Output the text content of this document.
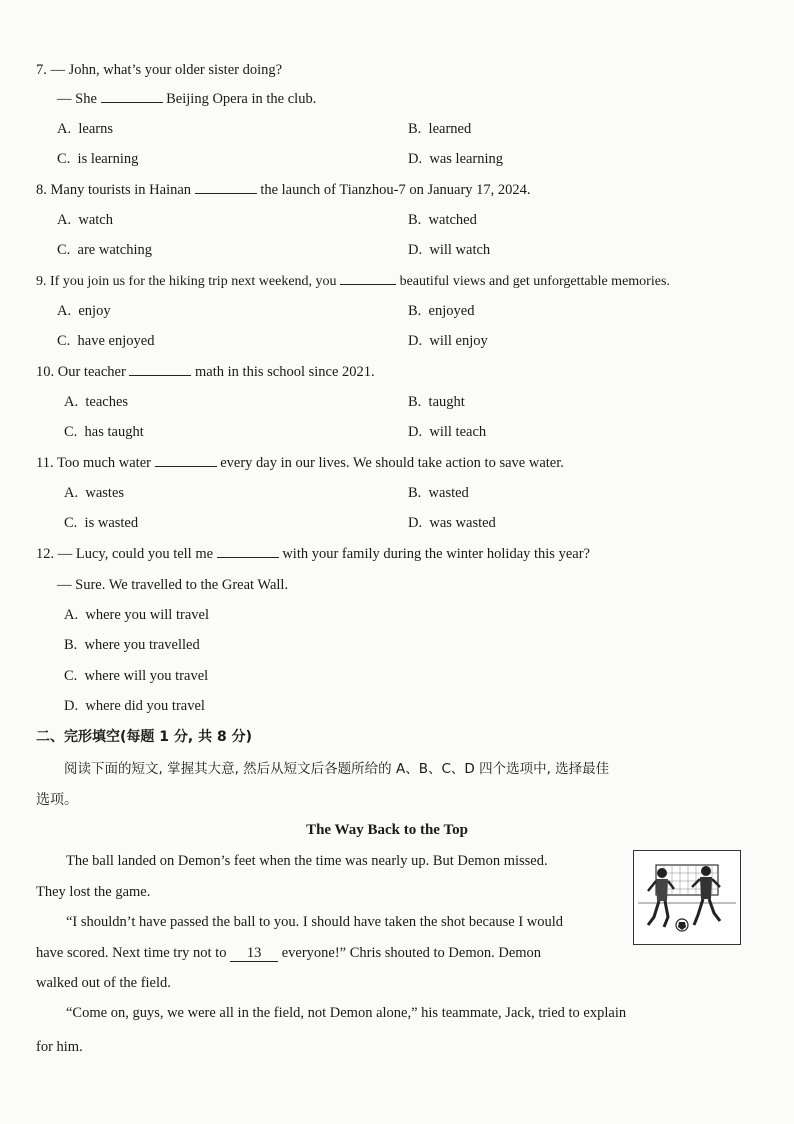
7. — John, what’s your older sister doing?
— She	Beijing Opera in the club.
A. learns	B. learned
C. is learning	D. was learning
8. Many tourists in Hainan	the launch of Tianzhou-7 on January 17, 2024.
A. watch	B. watched
C. are watching	D. will watch
9. If you join us for the hiking trip next weekend, you	beautiful views and get unforgettable memories.
A. enjoy	B. enjoyed
C. have enjoyed	D. will enjoy
10. Our teacher	math in this school since 2021.
A. teaches	B. taught
C. has taught	D. will teach
11. Too much water	every day in our lives. We should take action to save water.
A. wastes	B. wasted
C. is wasted	D. was wasted
12. — Lucy, could you tell me	with your family during the winter holiday this year?
— Sure. We travelled to the Great Wall.
A. where you will travel
B. where you travelled
C. where will you travel
D. where did you travel
二、完形填空(每题 1 分, 共 8 分)
阅读下面的短文, 掌握其大意, 然后从短文后各题所给的 A、B、C、D 四个选项中, 选择最佳
选项。
The Way Back to the Top
The ball landed on Demon’s feet when the time was nearly up. But Demon missed.
They lost the game.
“I shouldn’t have passed the ball to you. I should have taken the shot because I would
have scored. Next time try not to 13 everyone!” Chris shouted to Demon. Demon
walked out of the field.
“Come on, guys, we were all in the field, not Demon alone,” his teammate, Jack, tried to explain
for him.
